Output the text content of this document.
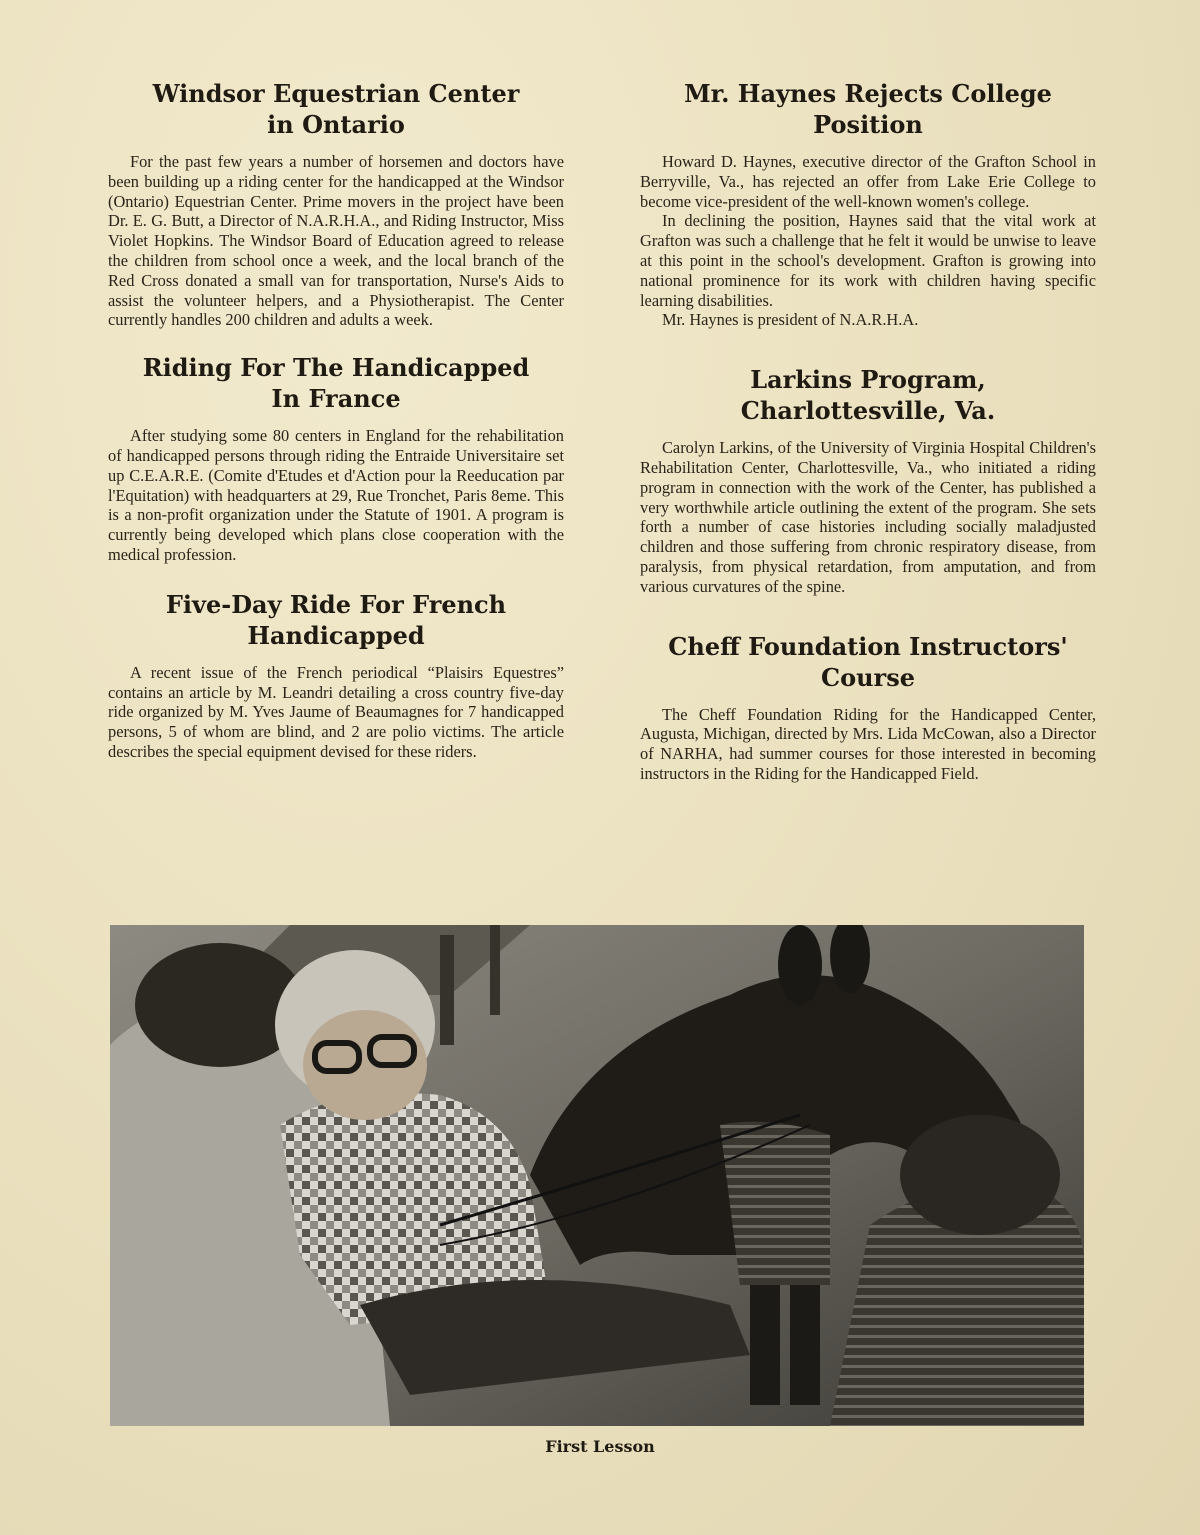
Windsor Equestrian Center in Ontario

For the past few years a number of horsemen and doctors have been building up a riding center for the handicapped at the Windsor (Ontario) Equestrian Center. Prime movers in the project have been Dr. E. G. Butt, a Director of N.A.R.H.A., and Riding Instructor, Miss Violet Hopkins. The Windsor Board of Education agreed to release the children from school once a week, and the local branch of the Red Cross donated a small van for transportation, Nurse's Aids to assist the volunteer helpers, and a Physiotherapist. The Center currently handles 200 children and adults a week.

Riding For The Handicapped In France

After studying some 80 centers in England for the rehabilitation of handicapped persons through riding the Entraide Universitaire set up C.E.A.R.E. (Comite d'Etudes et d'Action pour la Reeducation par l'Equitation) with headquarters at 29, Rue Tronchet, Paris 8eme. This is a non-profit organization under the Statute of 1901. A program is currently being developed which plans close cooperation with the medical profession.

Five-Day Ride For French Handicapped

A recent issue of the French periodical “Plaisirs Equestres” contains an article by M. Leandri detailing a cross country five-day ride organized by M. Yves Jaume of Beaumagnes for 7 handicapped persons, 5 of whom are blind, and 2 are polio victims. The article describes the special equipment devised for these riders.

Mr. Haynes Rejects College Position

Howard D. Haynes, executive director of the Grafton School in Berryville, Va., has rejected an offer from Lake Erie College to become vice-president of the well-known women's college.

In declining the position, Haynes said that the vital work at Grafton was such a challenge that he felt it would be unwise to leave at this point in the school's development. Grafton is growing into national prominence for its work with children having specific learning disabilities.

Mr. Haynes is president of N.A.R.H.A.

Larkins Program, Charlottesville, Va.

Carolyn Larkins, of the University of Virginia Hospital Children's Rehabilitation Center, Charlottesville, Va., who initiated a riding program in connection with the work of the Center, has published a very worthwhile article outlining the extent of the program. She sets forth a number of case histories including socially maladjusted children and those suffering from chronic respiratory disease, from paralysis, from physical retardation, from amputation, and from various curvatures of the spine.

Cheff Foundation Instructors' Course

The Cheff Foundation Riding for the Handicapped Center, Augusta, Michigan, directed by Mrs. Lida McCowan, also a Director of NARHA, had summer courses for those interested in becoming instructors in the Riding for the Handicapped Field.

First Lesson
